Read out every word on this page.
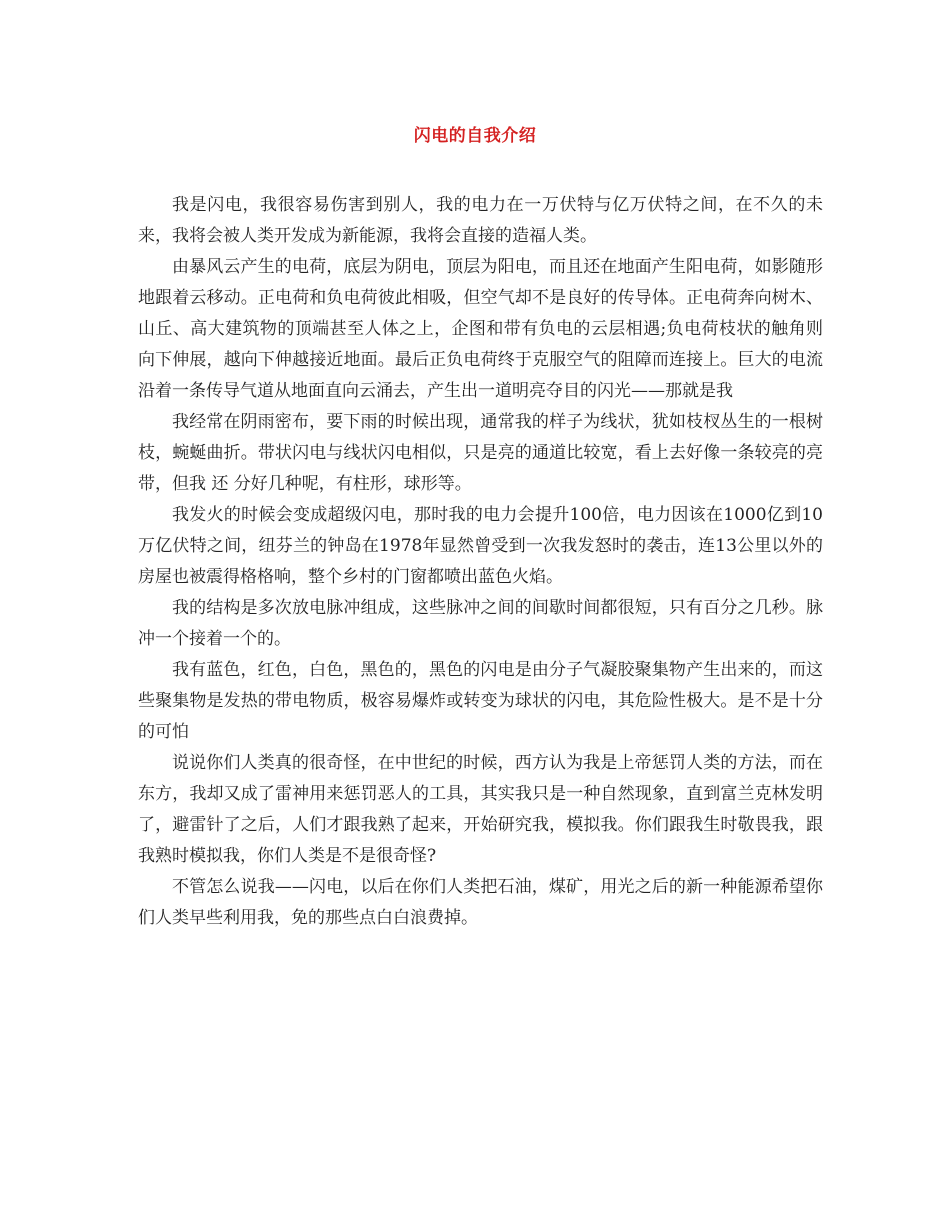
闪电的自我介绍

我是闪电，我很容易伤害到别人，我的电力在一万伏特与亿万伏特之间，在不久的未来，我将会被人类开发成为新能源，我将会直接的造福人类。

由暴风云产生的电荷，底层为阴电，顶层为阳电，而且还在地面产生阳电荷，如影随形地跟着云移动。正电荷和负电荷彼此相吸，但空气却不是良好的传导体。正电荷奔向树木、山丘、高大建筑物的顶端甚至人体之上，企图和带有负电的云层相遇;负电荷枝状的触角则向下伸展，越向下伸越接近地面。最后正负电荷终于克服空气的阻障而连接上。巨大的电流沿着一条传导气道从地面直向云涌去，产生出一道明亮夺目的闪光——那就是我

我经常在阴雨密布，要下雨的时候出现，通常我的样子为线状，犹如枝杈丛生的一根树枝，蜿蜒曲折。带状闪电与线状闪电相似，只是亮的通道比较宽，看上去好像一条较亮的亮带，但我 还 分好几种呢，有柱形，球形等。

我发火的时候会变成超级闪电，那时我的电力会提升100倍，电力因该在1000亿到10万亿伏特之间，纽芬兰的钟岛在1978年显然曾受到一次我发怒时的袭击，连13公里以外的房屋也被震得格格响，整个乡村的门窗都喷出蓝色火焰。

我的结构是多次放电脉冲组成，这些脉冲之间的间歇时间都很短，只有百分之几秒。脉冲一个接着一个的。

我有蓝色，红色，白色，黑色的，黑色的闪电是由分子气凝胶聚集物产生出来的，而这些聚集物是发热的带电物质，极容易爆炸或转变为球状的闪电，其危险性极大。是不是十分的可怕

说说你们人类真的很奇怪，在中世纪的时候，西方认为我是上帝惩罚人类的方法，而在东方，我却又成了雷神用来惩罚恶人的工具，其实我只是一种自然现象，直到富兰克林发明了，避雷针了之后，人们才跟我熟了起来，开始研究我，模拟我。你们跟我生时敬畏我，跟我熟时模拟我，你们人类是不是很奇怪?

不管怎么说我——闪电，以后在你们人类把石油，煤矿，用光之后的新一种能源希望你们人类早些利用我，免的那些点白白浪费掉。
